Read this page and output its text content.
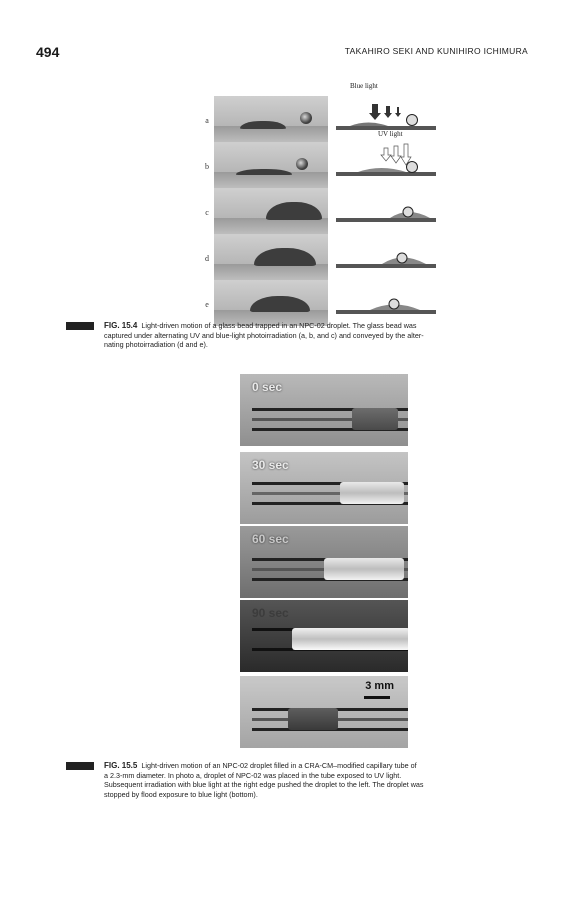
494	TAKAHIRO SEKI AND KUNIHIRO ICHIMURA
a
Blue light
b
UV light
c
d
e
FIG. 15.4 Light-driven motion of a glass bead trapped in an NPC-02 droplet. The glass bead was
captured under alternating UV and blue-light photoirradiation (a, b, and c) and conveyed by the alter-
nating photoirradiation (d and e).
0 sec
30 sec
60 sec
90 sec
3 mm
FIG. 15.5 Light-driven motion of an NPC-02 droplet filled in a CRA-CM–modified capillary tube of
a 2.3-mm diameter. In photo a, droplet of NPC-02 was placed in the tube exposed to UV light.
Subsequent irradiation with blue light at the right edge pushed the droplet to the left. The droplet was
stopped by flood exposure to blue light (bottom).
